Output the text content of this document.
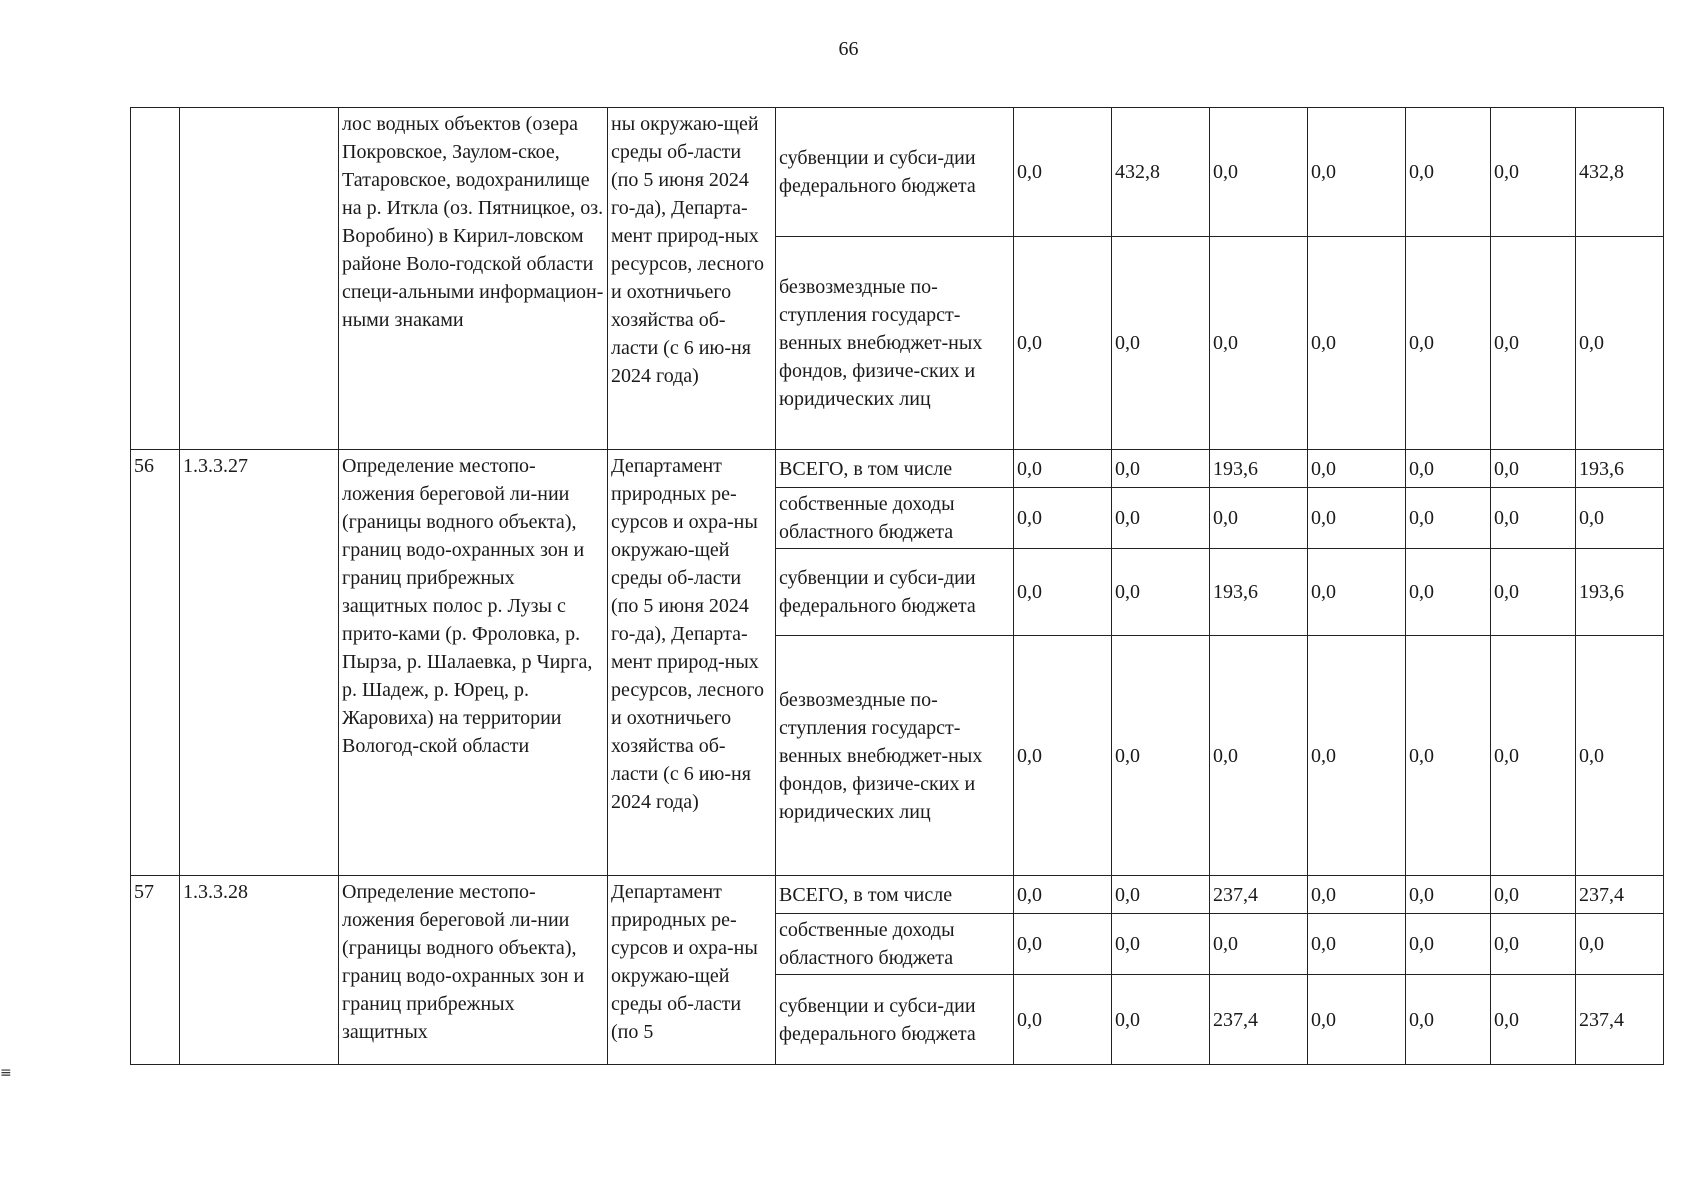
66
		лос водных объектов (озера Покровское, Заулом-ское, Татаровское, водохранилище на р. Иткла (оз. Пятницкое, оз. Воробино) в Кирил-ловском районе Воло-годской области специ-альными информацион-ными знаками	ны окружаю-щей среды об-ласти (по 5 июня 2024 го-да), Департа-мент природ-ных ресурсов, лесного и охотничьего хозяйства об-ласти (с 6 ию-ня 2024 года)	субвенции и субси-дии федерального бюджета	0,0	432,8	0,0	0,0	0,0	0,0	432,8
				безвозмездные по-ступления государст-венных внебюджет-ных фондов, физиче-ских и юридических лиц	0,0	0,0	0,0	0,0	0,0	0,0	0,0
56	1.3.3.27	Определение местопо-ложения береговой ли-нии (границы водного объекта), границ водо-охранных зон и границ прибрежных защитных полос р. Лузы с прито-ками (р. Фроловка, р. Пырза, р. Шалаевка, р Чирга, р. Шадеж, р. Юрец, р. Жаровиха) на территории Вологод-ской области	Департамент природных ре-сурсов и охра-ны окружаю-щей среды об-ласти (по 5 июня 2024 го-да), Департа-мент природ-ных ресурсов, лесного и охотничьего хозяйства об-ласти (с 6 ию-ня 2024 года)	ВСЕГО, в том числе	0,0	0,0	193,6	0,0	0,0	0,0	193,6
				собственные доходы областного бюджета	0,0	0,0	0,0	0,0	0,0	0,0	0,0
				субвенции и субси-дии федерального бюджета	0,0	0,0	193,6	0,0	0,0	0,0	193,6
				безвозмездные по-ступления государст-венных внебюджет-ных фондов, физиче-ских и юридических лиц	0,0	0,0	0,0	0,0	0,0	0,0	0,0
57	1.3.3.28	Определение местопо-ложения береговой ли-нии (границы водного объекта), границ водо-охранных зон и границ прибрежных защитных	Департамент природных ре-сурсов и охра-ны окружаю-щей среды об-ласти (по 5	ВСЕГО, в том числе	0,0	0,0	237,4	0,0	0,0	0,0	237,4
				собственные доходы областного бюджета	0,0	0,0	0,0	0,0	0,0	0,0	0,0
				субвенции и субси-дии федерального бюджета	0,0	0,0	237,4	0,0	0,0	0,0	237,4
≡
